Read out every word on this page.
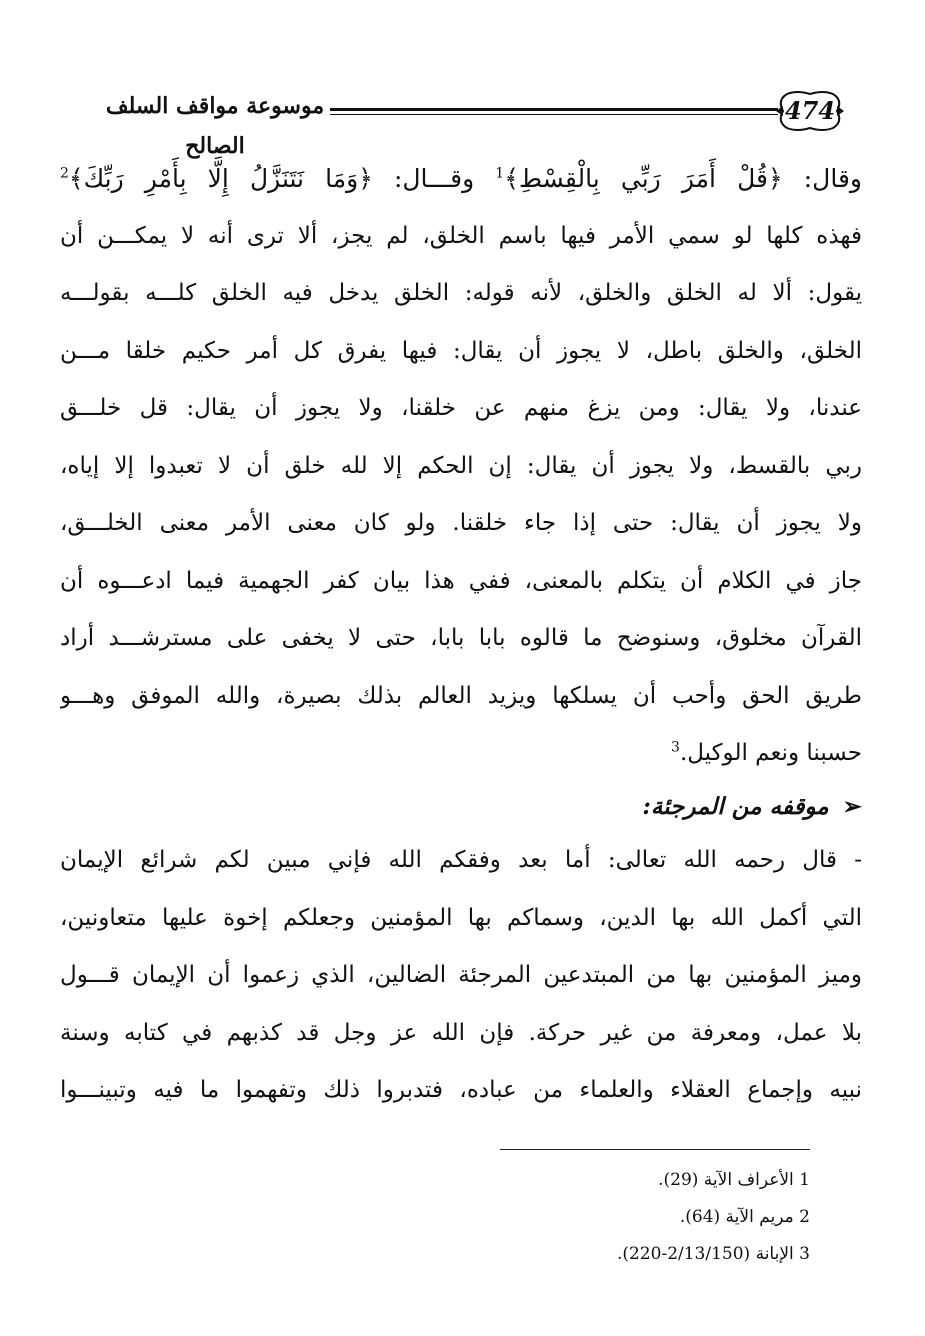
474
موسوعة مواقف السلف الصالح
وقال: ﴿قُلْ أَمَرَ رَبِّي بِالْقِسْطِ﴾$^1$ وقـــال: ﴿وَمَا نَتَنَزَّلُ إِلَّا بِأَمْرِ رَبِّكَ﴾$^2$
فهذه كلها لو سمي الأمر فيها باسم الخلق، لم يجز، ألا ترى أنه لا يمكـــن أن
يقول: ألا له الخلق والخلق، لأنه قوله: الخلق يدخل فيه الخلق كلـــه بقولـــه
الخلق، والخلق باطل، لا يجوز أن يقال: فيها يفرق كل أمر حكيم خلقا مـــن
عندنا، ولا يقال: ومن يزغ منهم عن خلقنا، ولا يجوز أن يقال: قل خلـــق
ربي بالقسط، ولا يجوز أن يقال: إن الحكم إلا لله خلق أن لا تعبدوا إلا إياه،
ولا يجوز أن يقال: حتى إذا جاء خلقنا. ولو كان معنى الأمر معنى الخلـــق،
جاز في الكلام أن يتكلم بالمعنى، ففي هذا بيان كفر الجهمية فيما ادعـــوه أن
القرآن مخلوق، وسنوضح ما قالوه بابا بابا، حتى لا يخفى على مسترشـــد أراد
طريق الحق وأحب أن يسلكها ويزيد العالم بذلك بصيرة، والله الموفق وهـــو
حسبنا ونعم الوكيل.$^3$
➢موقفه من المرجئة:
- قال رحمه الله تعالى: أما بعد وفقكم الله فإني مبين لكم شرائع الإيمان
التي أكمل الله بها الدين، وسماكم بها المؤمنين وجعلكم إخوة عليها متعاونين،
وميز المؤمنين بها من المبتدعين المرجئة الضالين، الذي زعموا أن الإيمان قـــول
بلا عمل، ومعرفة من غير حركة. فإن الله عز وجل قد كذبهم في كتابه وسنة
نبيه وإجماع العقلاء والعلماء من عباده، فتدبروا ذلك وتفهموا ما فيه وتبينـــوا
1 الأعراف الآية (29).
2 مريم الآية (64).
3 الإبانة (2/13/150-220).
